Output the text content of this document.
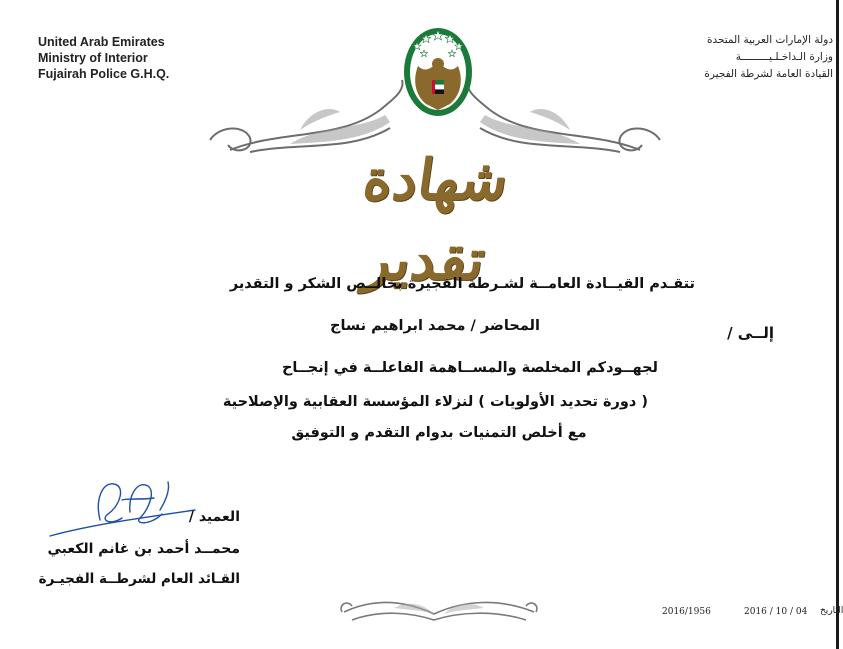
United Arab Emirates
Ministry of Interior
Fujairah Police G.H.Q.
دولة الإمارات العربية المتحدة
وزارة الـداخـلـيـــــــــة
القيادة العامة لشرطة الفجيرة
شهادة تقدير
تتقـدم القيــادة العامــة لشـرطة الفجيرة بخالــص الشكر و التقدير
إلــى /
المحاضر / محمد ابراهيم نساج
لجهــودكم المخلصة والمســاهمة الفاعلــة في إنجــاح
( دورة تحديد الأولويات ) لنزلاء المؤسسة العقابية والإصلاحية
مع أخلص التمنيات بدوام التقدم و التوفيق
العميد /
محمــد أحمد بن غانم الكعبي
القـائد العام لشرطــة الفجيـرة
2016/1956	2016 / 10 / 04 التاريخ
